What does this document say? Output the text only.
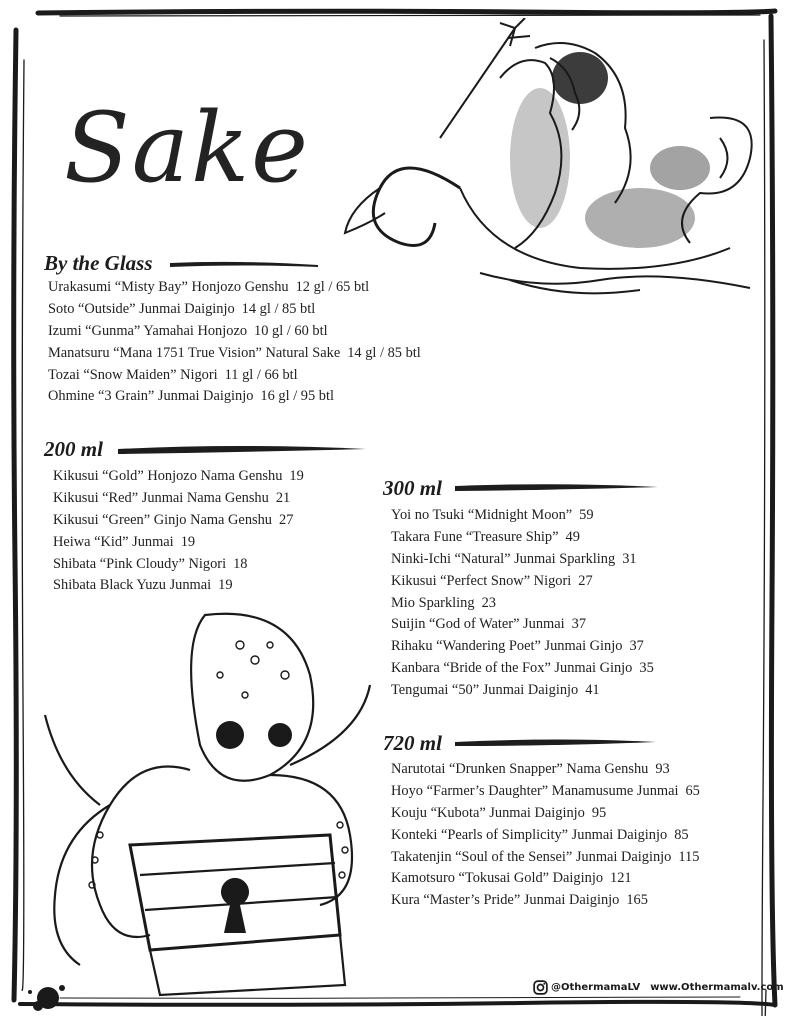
Sake
By the Glass
Urakasumi “Misty Bay” Honjozo Genshu 12 gl / 65 btl
Soto “Outside” Junmai Daiginjo 14 gl / 85 btl
Izumi “Gunma” Yamahai Honjozo 10 gl / 60 btl
Manatsuru “Mana 1751 True Vision” Natural Sake 14 gl / 85 btl
Tozai “Snow Maiden” Nigori 11 gl / 66 btl
Ohmine “3 Grain” Junmai Daiginjo 16 gl / 95 btl
200 ml
Kikusui “Gold” Honjozo Nama Genshu 19
Kikusui “Red” Junmai Nama Genshu 21
Kikusui “Green” Ginjo Nama Genshu 27
Heiwa “Kid” Junmai 19
Shibata “Pink Cloudy” Nigori 18
Shibata Black Yuzu Junmai 19
300 ml
Yoi no Tsuki “Midnight Moon” 59
Takara Fune “Treasure Ship” 49
Ninki-Ichi “Natural” Junmai Sparkling 31
Kikusui “Perfect Snow” Nigori 27
Mio Sparkling 23
Suijin “God of Water” Junmai 37
Rihaku “Wandering Poet” Junmai Ginjo 37
Kanbara “Bride of the Fox” Junmai Ginjo 35
Tengumai “50” Junmai Daiginjo 41
720 ml
Narutotai “Drunken Snapper” Nama Genshu 93
Hoyo “Farmer’s Daughter” Manamusume Junmai 65
Kouju “Kubota” Junmai Daiginjo 95
Konteki “Pearls of Simplicity” Junmai Daiginjo 85
Takatenjin “Soul of the Sensei” Junmai Daiginjo 115
Kamotsuro “Tokusai Gold” Daiginjo 121
Kura “Master’s Pride” Junmai Daiginjo 165
@OthermamaLV www.Othermamalv.com
